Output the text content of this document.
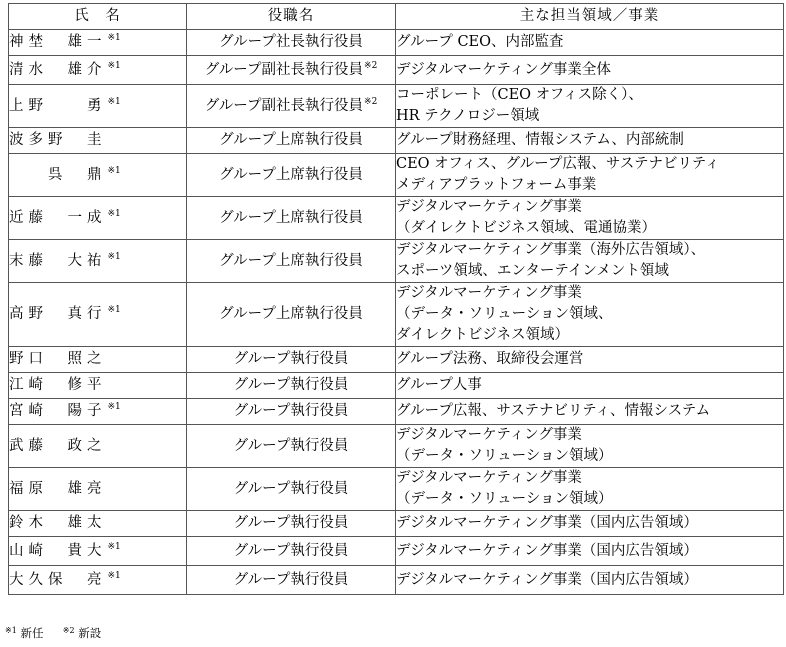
氏　名	役職名	主な担当領域／事業
神埜　雄一$^{※1}$	グループ社長執行役員	グループ CEO、内部監査

清水　雄介$^{※1}$	グループ副社長執行役員$^{※2}$	デジタルマーケティング事業全体

上野　　勇$^{※1}$	グループ副社長執行役員$^{※2}$	コーポレート（CEO オフィス除く）、
HR テクノロジー領域

波多野　圭	グループ上席執行役員	グループ財務経理、情報システム、内部統制

　　呉　鼎$^{※1}$	グループ上席執行役員	CEO オフィス、グループ広報、サステナビリティ
メディアプラットフォーム事業

近藤　一成$^{※1}$	グループ上席執行役員	デジタルマーケティング事業
（ダイレクトビジネス領域、電通協業）

末藤　大祐$^{※1}$	グループ上席執行役員	デジタルマーケティング事業（海外広告領域）、
スポーツ領域、エンターテインメント領域

高野　真行$^{※1}$	グループ上席執行役員	デジタルマーケティング事業
（データ・ソリューション領域、
ダイレクトビジネス領域）

野口　照之	グループ執行役員	グループ法務、取締役会運営

江崎　修平	グループ執行役員	グループ人事

宮崎　陽子$^{※1}$	グループ執行役員	グループ広報、サステナビリティ、情報システム

武藤　政之	グループ執行役員	デジタルマーケティング事業
（データ・ソリューション領域）

福原　雄亮	グループ執行役員	デジタルマーケティング事業
（データ・ソリューション領域）

鈴木　雄太	グループ執行役員	デジタルマーケティング事業（国内広告領域）

山崎　貴大$^{※1}$	グループ執行役員	デジタルマーケティング事業（国内広告領域）

大久保　亮$^{※1}$	グループ執行役員	デジタルマーケティング事業（国内広告領域）
$^{※1}$ 新任 $^{※2}$ 新設
